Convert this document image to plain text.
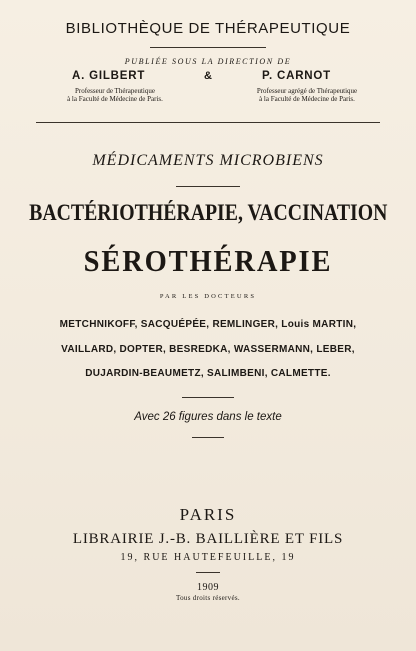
BIBLIOTHÈQUE DE THÉRAPEUTIQUE
PUBLIÉE SOUS LA DIRECTION DE
A. GILBERT	&	P. CARNOT
Professeur de Thérapeutique
à la Faculté de Médecine de Paris.
Professeur agrégé de Thérapeutique
à la Faculté de Médecine de Paris.
MÉDICAMENTS MICROBIENS
BACTÉRIOTHÉRAPIE, VACCINATION
SÉROTHÉRAPIE
PAR LES DOCTEURS
METCHNIKOFF, SACQUÉPÉE, REMLINGER, Louis MARTIN,
VAILLARD, DOPTER, BESREDKA, WASSERMANN, LEBER,
DUJARDIN-BEAUMETZ, SALIMBENI, CALMETTE.
Avec 26 figures dans le texte
PARIS
LIBRAIRIE J.-B. BAILLIÈRE ET FILS
19, RUE HAUTEFEUILLE, 19
1909
Tous droits réservés.
